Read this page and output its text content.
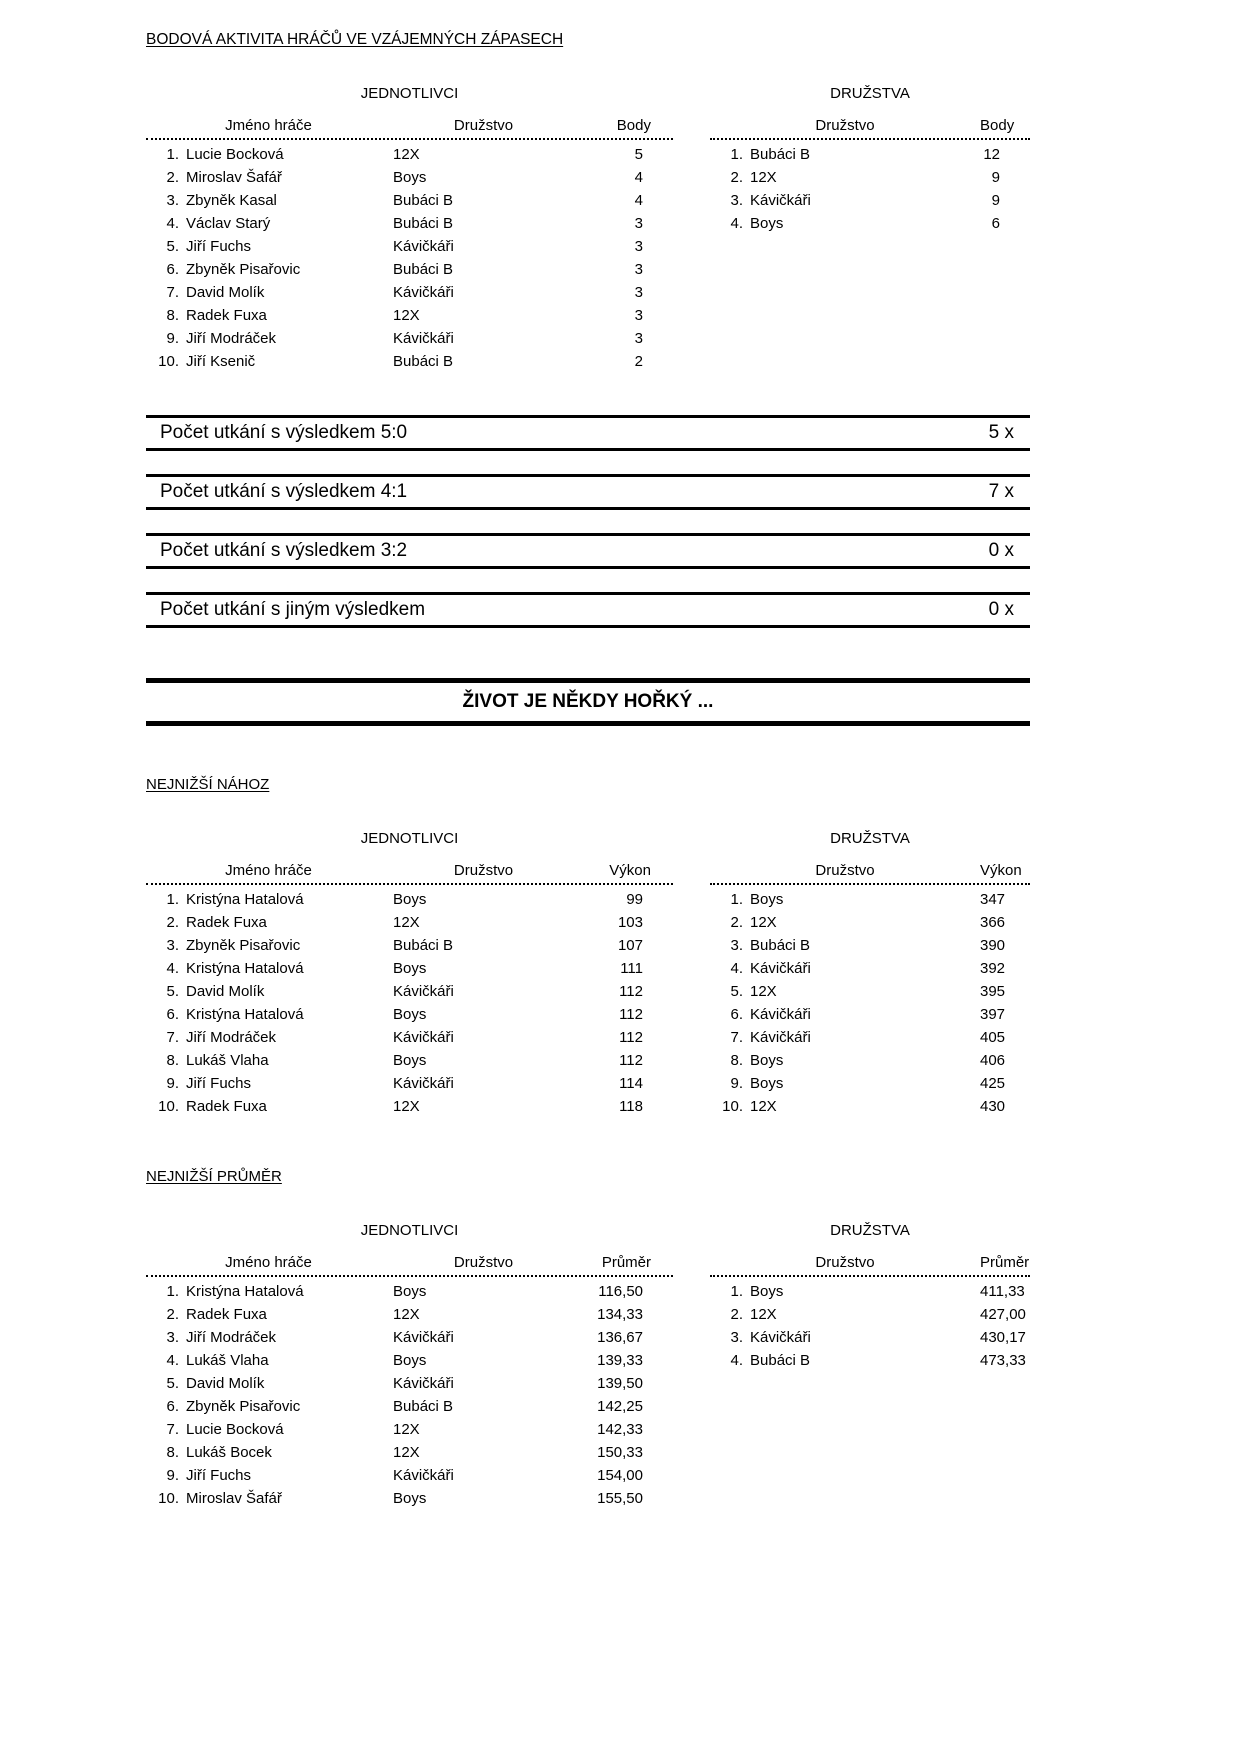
BODOVÁ AKTIVITA HRÁČŮ VE VZÁJEMNÝCH ZÁPASECH
JEDNOTLIVCI
Jméno hráče	Družstvo	Body
1. Lucie Bocková	12X	5
2. Miroslav Šafář	Boys	4
3. Zbyněk Kasal	Bubáci B	4
4. Václav Starý	Bubáci B	3
5. Jiří Fuchs	Kávičkáři	3
6. Zbyněk Pisařovic	Bubáci B	3
7. David Molík	Kávičkáři	3
8. Radek Fuxa	12X	3
9. Jiří Modráček	Kávičkáři	3
10. Jiří Ksenič	Bubáci B	2
DRUŽSTVA
Družstvo	Body
1. Bubáci B	12
2. 12X	9
3. Kávičkáři	9
4. Boys	6
Počet utkání s výsledkem 5:0	5 x
Počet utkání s výsledkem 4:1	7 x
Počet utkání s výsledkem 3:2	0 x
Počet utkání s jiným výsledkem	0 x
ŽIVOT JE NĚKDY HOŘKÝ ...
NEJNIŽŠÍ NÁHOZ
JEDNOTLIVCI
Jméno hráče	Družstvo	Výkon
1. Kristýna Hatalová	Boys	99
2. Radek Fuxa	12X	103
3. Zbyněk Pisařovic	Bubáci B	107
4. Kristýna Hatalová	Boys	111
5. David Molík	Kávičkáři	112
6. Kristýna Hatalová	Boys	112
7. Jiří Modráček	Kávičkáři	112
8. Lukáš Vlaha	Boys	112
9. Jiří Fuchs	Kávičkáři	114
10. Radek Fuxa	12X	118
DRUŽSTVA
Družstvo	Výkon
1. Boys	347
2. 12X	366
3. Bubáci B	390
4. Kávičkáři	392
5. 12X	395
6. Kávičkáři	397
7. Kávičkáři	405
8. Boys	406
9. Boys	425
10. 12X	430
NEJNIŽŠÍ PRŮMĚR
JEDNOTLIVCI
Jméno hráče	Družstvo	Průměr
1. Kristýna Hatalová	Boys	116,50
2. Radek Fuxa	12X	134,33
3. Jiří Modráček	Kávičkáři	136,67
4. Lukáš Vlaha	Boys	139,33
5. David Molík	Kávičkáři	139,50
6. Zbyněk Pisařovic	Bubáci B	142,25
7. Lucie Bocková	12X	142,33
8. Lukáš Bocek	12X	150,33
9. Jiří Fuchs	Kávičkáři	154,00
10. Miroslav Šafář	Boys	155,50
DRUŽSTVA
Družstvo	Průměr
1. Boys	411,33
2. 12X	427,00
3. Kávičkáři	430,17
4. Bubáci B	473,33
